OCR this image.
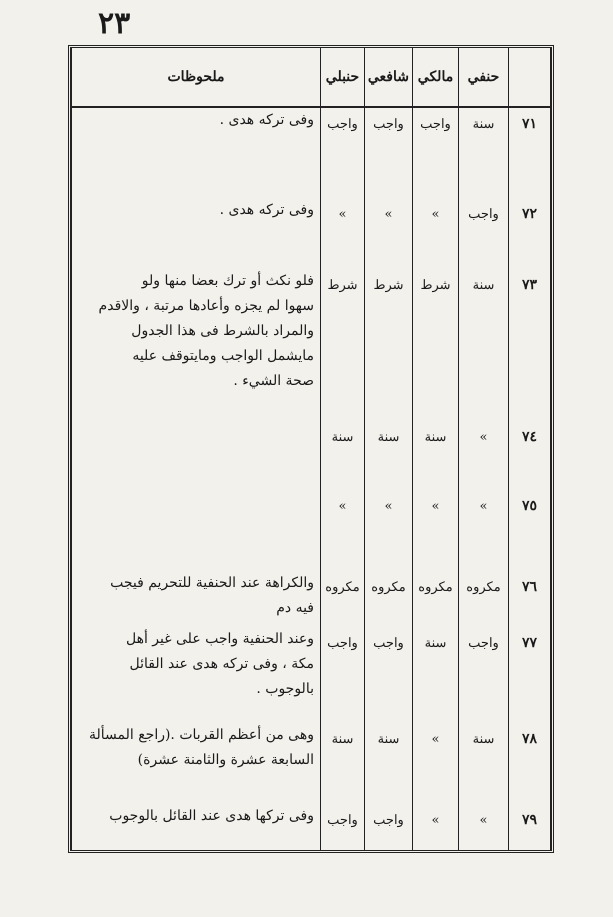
٢٣
	حنفي	مالكي	شافعي	حنبلي	ملحوظات
٧١	سنة	واجب	واجب	واجب	وفى تركه هدى .

٧٢	واجب	»	»	»	وفى تركه هدى .

٧٣	سنة	شرط	شرط	شرط	فلو نكث أو ترك بعضا منها ولو
سهوا لم يجزه وأعادها مرتبة ، والاقدم
والمراد بالشرط فى هذا الجدول
مايشمل الواجب ومايتوقف عليه
صحة الشيء .

٧٤	»	سنة	سنة	سنة	
٧٥	»	»	»	»	
٧٦	مكروه	مكروه	مكروه	مكروه	والكراهة عند الحنفية للتحريم فيجب
فيه دم

٧٧	واجب	سنة	واجب	واجب	وعند الحنفية واجب على غير أهل
مكة ، وفى تركه هدى عند القائل
بالوجوب .

٧٨	سنة	»	سنة	سنة	وهى من أعظم القربات .(راجع المسألة
السابعة عشرة والثامنة عشرة)

٧٩	»	»	واجب	واجب	وفى تركها هدى عند القائل بالوجوب
